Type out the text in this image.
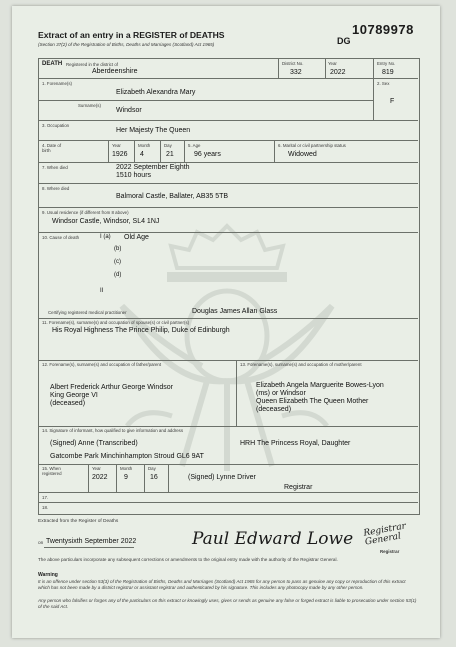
Extract of an entry in a REGISTER of DEATHS
(Section 37(2) of the Registration of Births, Deaths and Marriages (Scotland) Act 1965)
10789978
DG
DEATH Registered in the district of
Aberdeenshire
District No.
332
Year
2022
Entry No.
819
1. Forename(s)
Elizabeth Alexandra Mary
2. Sex
F
Surname(s)
Windsor
3. Occupation
Her Majesty The Queen
4. Date of birth
Year
1926
Month
4
Day
21
5. Age
96 years
6. Marital or civil partnership status
Widowed
7. When died	2022 September Eighth
1510 hours
8. Where died
Balmoral Castle, Ballater, AB35 5TB
9. Usual residence (if different from 8 above)
Windsor Castle, Windsor, SL4 1NJ
10. Cause of death	I (a) Old Age
(b)
(c)
(d)
II
Certifying registered medical practitioner	Douglas James Allan Glass
11. Forename(s), surname(s) and occupation of spouse(s) or civil partner(s)
His Royal Highness The Prince Philip, Duke of Edinburgh
12. Forename(s), surname(s) and occupation of father/parent	13. Forename(s), surname(s) and occupation of mother/parent
Albert Frederick Arthur George Windsor
King George VI
(deceased)
Elizabeth Angela Marguerite Bowes-Lyon
(ms) or Windsor
Queen Elizabeth The Queen Mother
(deceased)
14. Signature of informant, how qualified to give information and address
(Signed) Anne (Transcribed)	HRH The Princess Royal, Daughter
Gatcombe Park Minchinhampton Stroud GL6 9AT
15. When registered
Year
2022
Month
9
Day
16	(Signed) Lynne Driver
Registrar
17.
18.
Extracted from the Register of Deaths
on Twentysixth September 2022	Paul Edward Lowe Registrar General
Registrar
The above particulars incorporate any subsequent corrections or amendments to the original entry made with the authority of the Registrar General.
Warning
It is an offence under section 53(3) of the Registration of Births, Deaths and Marriages (Scotland) Act 1965 for any person to pass as genuine any copy or reproduction of this extract which has not been made by a district registrar or assistant registrar and authenticated by his signature. This includes any photocopy made by any other person.
Any person who falsifies or forges any of the particulars on this extract or knowingly uses, gives or sends as genuine any false or forged extract is liable to prosecution under section 53(1) of the said Act.
